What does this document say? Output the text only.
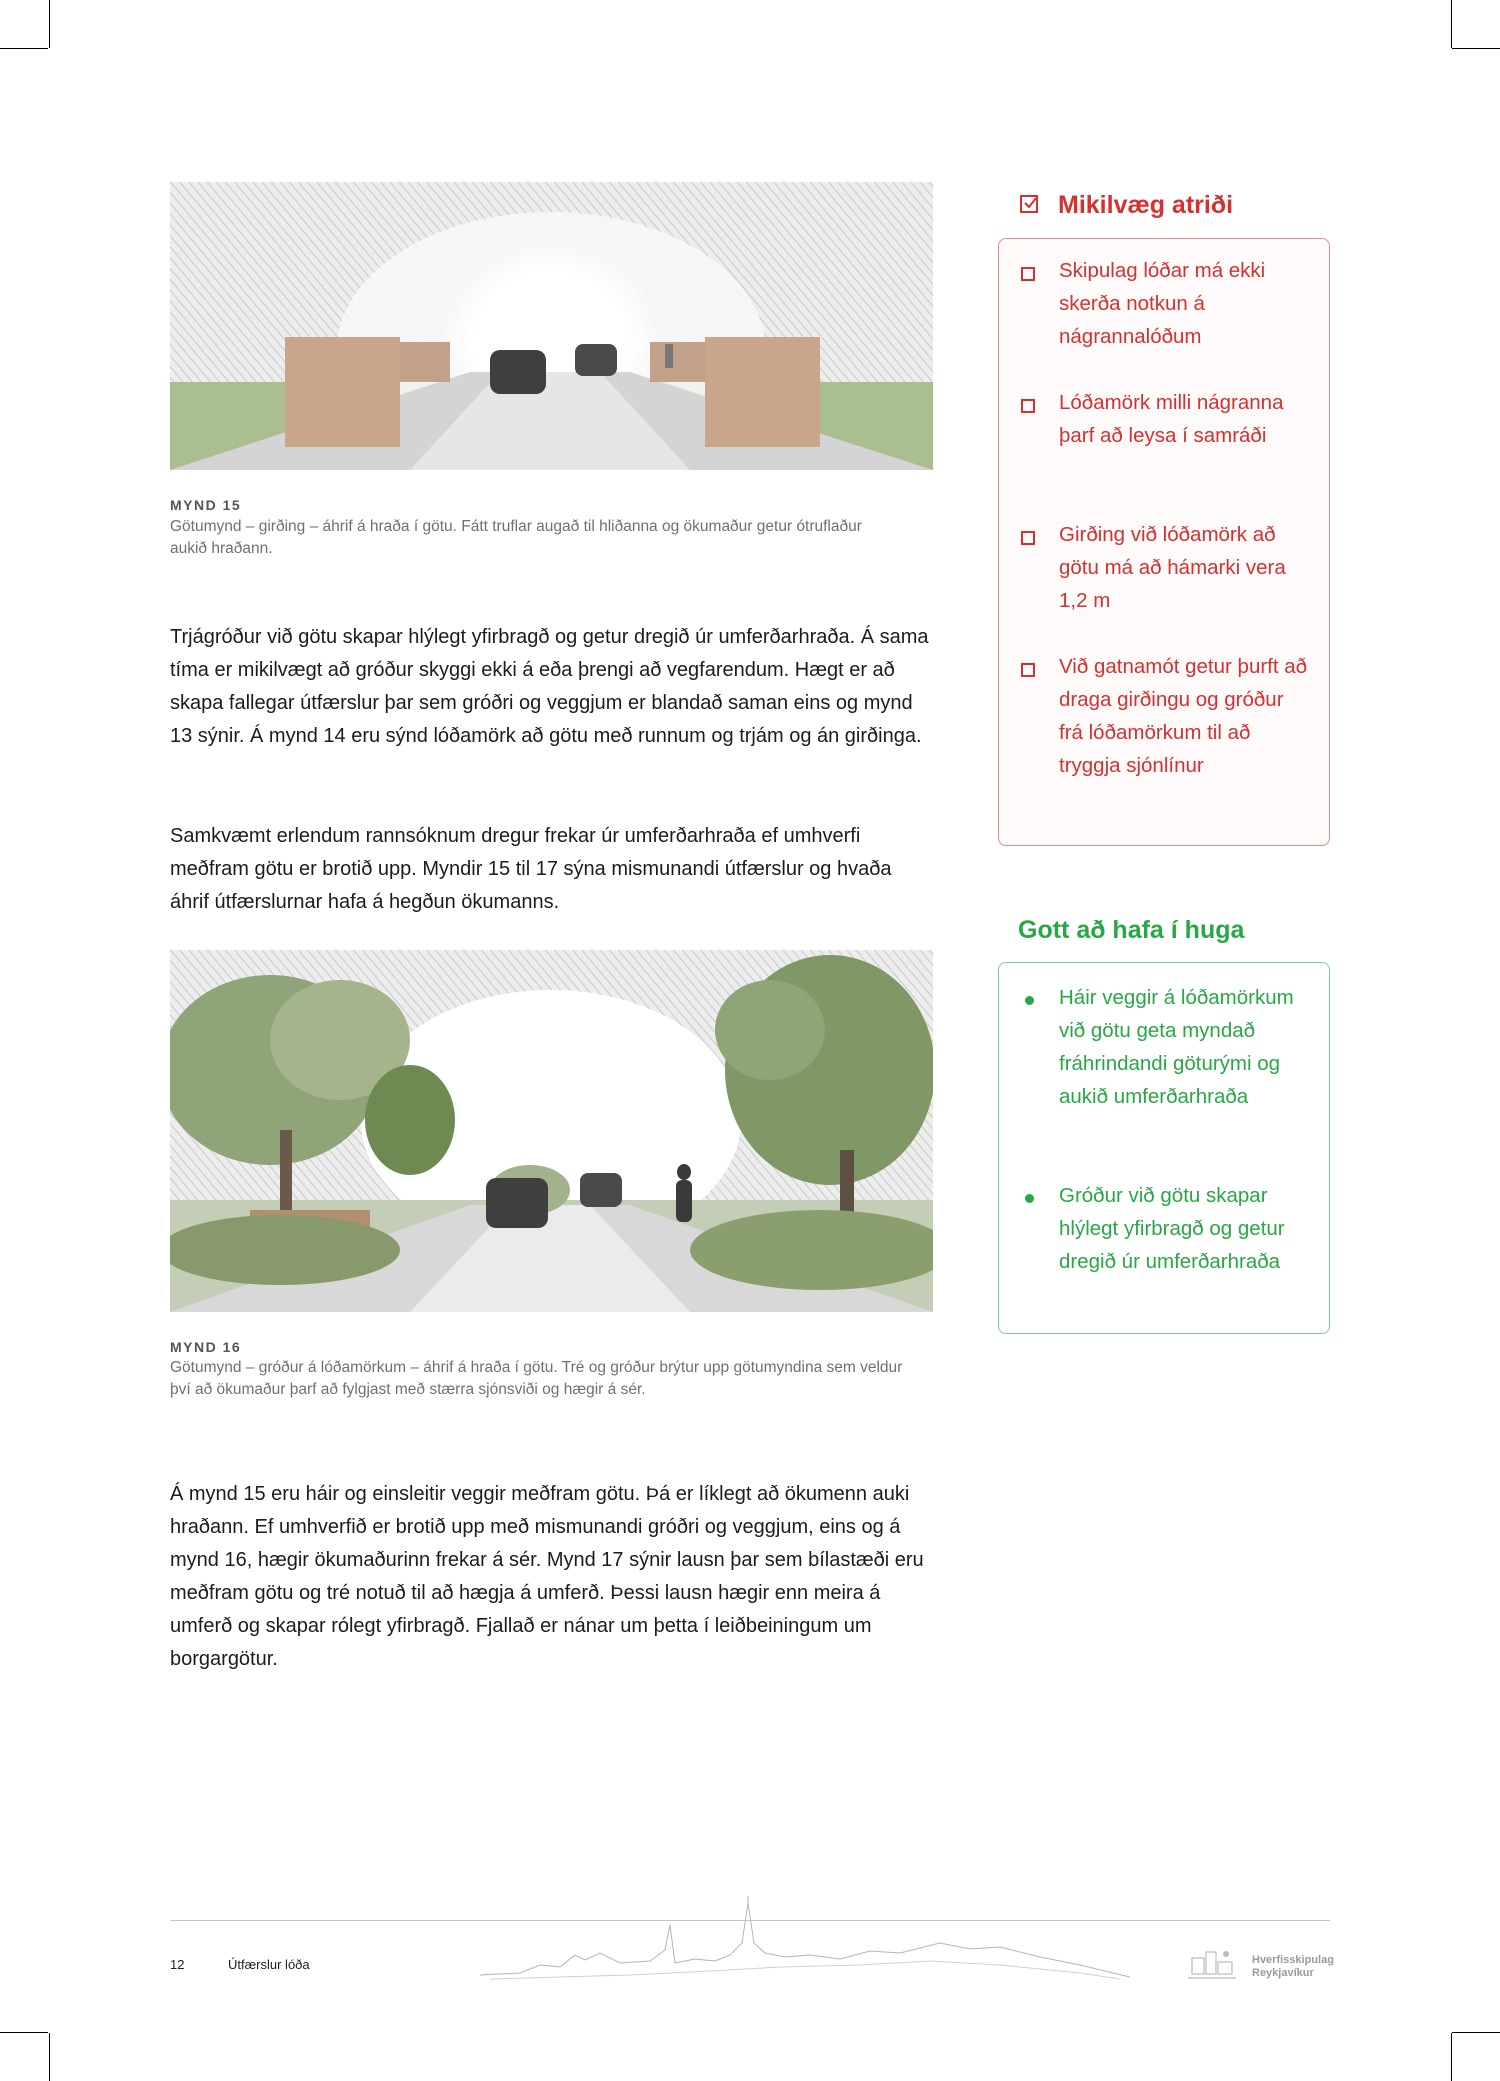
MYND 15
Götumynd – girðing – áhrif á hraða í götu. Fátt truflar augað til hliðanna og ökumaður getur ótruflaður aukið hraðann.

Trjágróður við götu skapar hlýlegt yfirbragð og getur dregið úr umferðarhraða. Á sama tíma er mikilvægt að gróður skyggi ekki á eða þrengi að vegfarendum. Hægt er að skapa fallegar útfærslur þar sem gróðri og veggjum er blandað saman eins og mynd 13 sýnir. Á mynd 14 eru sýnd lóðamörk að götu með runnum og trjám og án girðinga.

Samkvæmt erlendum rannsóknum dregur frekar úr umferðarhraða ef umhverfi meðfram götu er brotið upp. Myndir 15 til 17 sýna mismunandi útfærslur og hvaða áhrif útfærslurnar hafa á hegðun ökumanns.

MYND 16
Götumynd – gróður á lóðamörkum – áhrif á hraða í götu. Tré og gróður brýtur upp götumyndina sem veldur því að ökumaður þarf að fylgjast með stærra sjónsviði og hægir á sér.

Á mynd 15 eru háir og einsleitir veggir meðfram götu. Þá er líklegt að ökumenn auki hraðann. Ef umhverfið er brotið upp með mismunandi gróðri og veggjum, eins og á mynd 16, hægir ökumaðurinn frekar á sér. Mynd 17 sýnir lausn þar sem bílastæði eru meðfram götu og tré notuð til að hægja á umferð. Þessi lausn hægir enn meira á umferð og skapar rólegt yfirbragð. Fjallað er nánar um þetta í leiðbeiningum um borgargötur.

Mikilvæg atriði
Skipulag lóðar má ekki skerða notkun á nágrannalóðum
Lóðamörk milli nágranna þarf að leysa í samráði
Girðing við lóðamörk að götu má að hámarki vera 1,2 m
Við gatnamót getur þurft að draga girðingu og gróður frá lóðamörkum til að tryggja sjónlínur
Gott að hafa í huga
Háir veggir á lóðamörkum við götu geta myndað fráhrindandi göturými og aukið umferðarhraða
Gróður við götu skapar hlýlegt yfirbragð og getur dregið úr umferðarhraða
12	Útfærslur lóða	Hverfisskipulag
Reykjavíkur
